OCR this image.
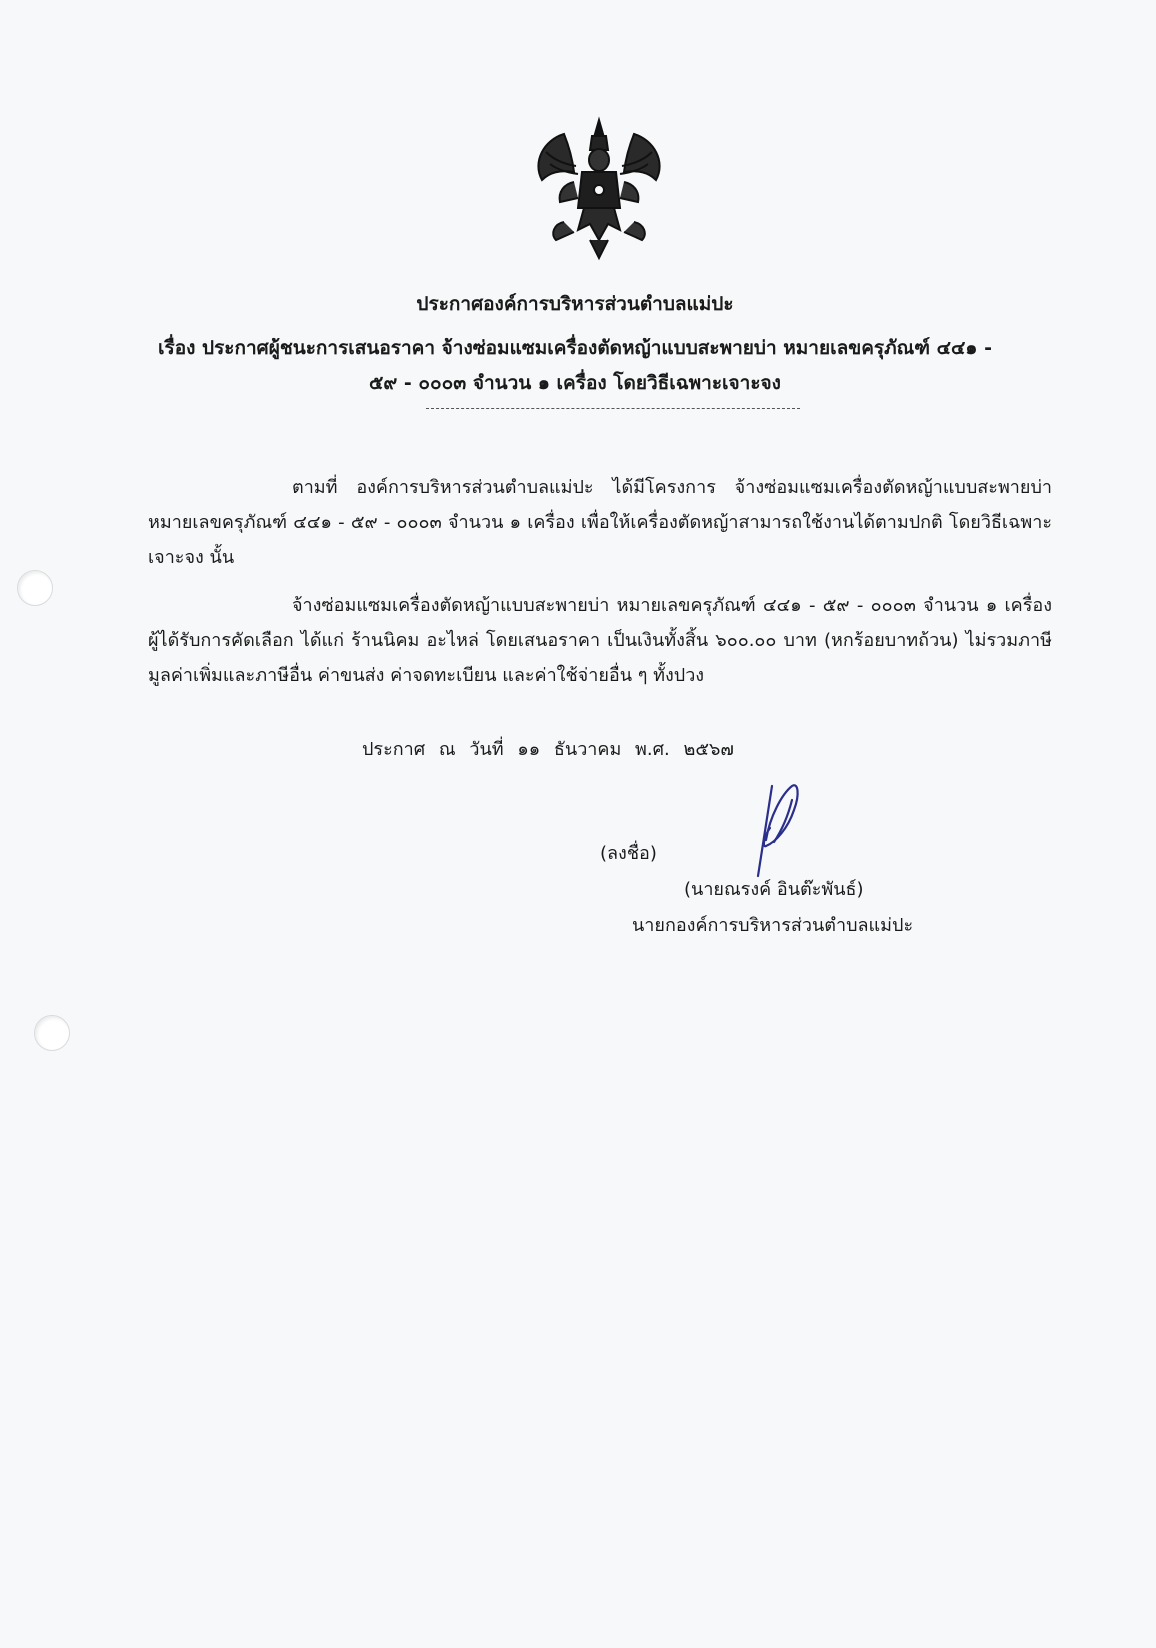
ประกาศองค์การบริหารส่วนตำบลแม่ปะ
เรื่อง ประกาศผู้ชนะการเสนอราคา จ้างซ่อมแซมเครื่องตัดหญ้าแบบสะพายบ่า หมายเลขครุภัณฑ์ ๔๔๑ -
๕๙ - ๐๐๐๓ จำนวน ๑ เครื่อง โดยวิธีเฉพาะเจาะจง
ตามที่ องค์การบริหารส่วนตำบลแม่ปะ ได้มีโครงการ จ้างซ่อมแซมเครื่องตัดหญ้าแบบสะพายบ่า หมายเลขครุภัณฑ์ ๔๔๑ - ๕๙ - ๐๐๐๓ จำนวน ๑ เครื่อง เพื่อให้เครื่องตัดหญ้าสามารถใช้งานได้ตามปกติ โดยวิธีเฉพาะเจาะจง นั้น
จ้างซ่อมแซมเครื่องตัดหญ้าแบบสะพายบ่า หมายเลขครุภัณฑ์ ๔๔๑ - ๕๙ - ๐๐๐๓ จำนวน ๑ เครื่อง ผู้ได้รับการคัดเลือก ได้แก่ ร้านนิคม อะไหล่ โดยเสนอราคา เป็นเงินทั้งสิ้น ๖๐๐.๐๐ บาท (หกร้อยบาทถ้วน) ไม่รวมภาษีมูลค่าเพิ่มและภาษีอื่น ค่าขนส่ง ค่าจดทะเบียน และค่าใช้จ่ายอื่น ๆ ทั้งปวง
ประกาศ ณ วันที่ ๑๑ ธันวาคม พ.ศ. ๒๕๖๗
(ลงชื่อ)
(นายณรงค์ อินต๊ะพันธ์)
นายกองค์การบริหารส่วนตำบลแม่ปะ
